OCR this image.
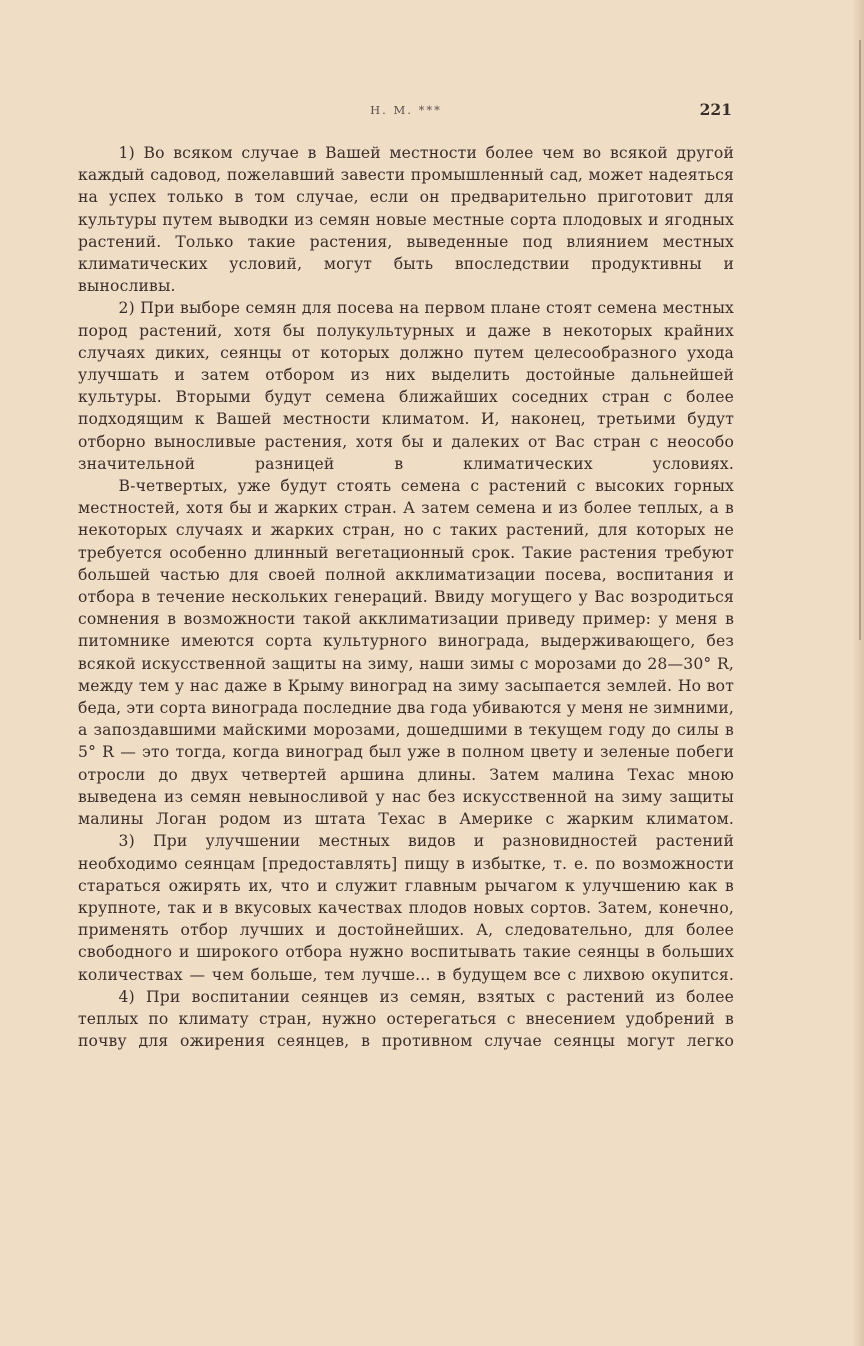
Н. М. ***	221

1) Во всяком случае в Вашей местности более чем во всякой другой каждый садовод, пожелавший завести промышленный сад, может надеяться на успех только в том случае, если он предварительно приготовит для культуры путем выводки из семян новые местные сорта плодовых и ягодных растений. Только такие растения, выведенные под влиянием местных климатических условий, могут быть впоследствии продуктивны и выносливы.

2) При выборе семян для посева на первом плане стоят семена местных пород растений, хотя бы полукультурных и даже в некоторых крайних случаях диких, сеянцы от которых должно путем целесообразного ухода улучшать и затем отбором из них выделить достойные дальнейшей культуры. Вторыми будут семена ближайших соседних стран с более подходящим к Вашей местности климатом. И, наконец, третьими будут отборно выносливые растения, хотя бы и далеких от Вас стран с неособо значительной разницей в климатических условиях.

В-четвертых, уже будут стоять семена с растений с высоких горных местностей, хотя бы и жарких стран. А затем семена и из более теплых, а в некоторых случаях и жарких стран, но с таких растений, для которых не требуется особенно длинный вегетационный срок. Такие растения требуют большей частью для своей полной акклиматизации посева, воспитания и отбора в течение нескольких генераций. Ввиду могущего у Вас возродиться сомнения в возможности такой акклиматизации приведу пример: у меня в питомнике имеются сорта культурного винограда, выдерживающего, без всякой искусственной защиты на зиму, наши зимы с морозами до 28—30° R, между тем у нас даже в Крыму виноград на зиму засыпается землей. Но вот беда, эти сорта винограда последние два года убиваются у меня не зимними, а запоздавшими майскими морозами, дошедшими в текущем году до силы в 5° R — это тогда, когда виноград был уже в полном цвету и зеленые побеги отросли до двух четвертей аршина длины. Затем малина Техас мною выведена из семян невыносливой у нас без искусственной на зиму защиты малины Логан родом из штата Техас в Америке с жарким климатом.

3) При улучшении местных видов и разновидностей растений необходимо сеянцам [предоставлять] пищу в избытке, т. е. по возможности стараться ожирять их, что и служит главным рычагом к улучшению как в крупноте, так и в вкусовых качествах плодов новых сортов. Затем, конечно, применять отбор лучших и достойнейших. А, следовательно, для более свободного и широкого отбора нужно воспитывать такие сеянцы в больших количествах — чем больше, тем лучше... в будущем все с лихвою окупится.

4) При воспитании сеянцев из семян, взятых с растений из более теплых по климату стран, нужно остерегаться с внесением удобрений в почву для ожирения сеянцев, в противном случае сеянцы могут легко
